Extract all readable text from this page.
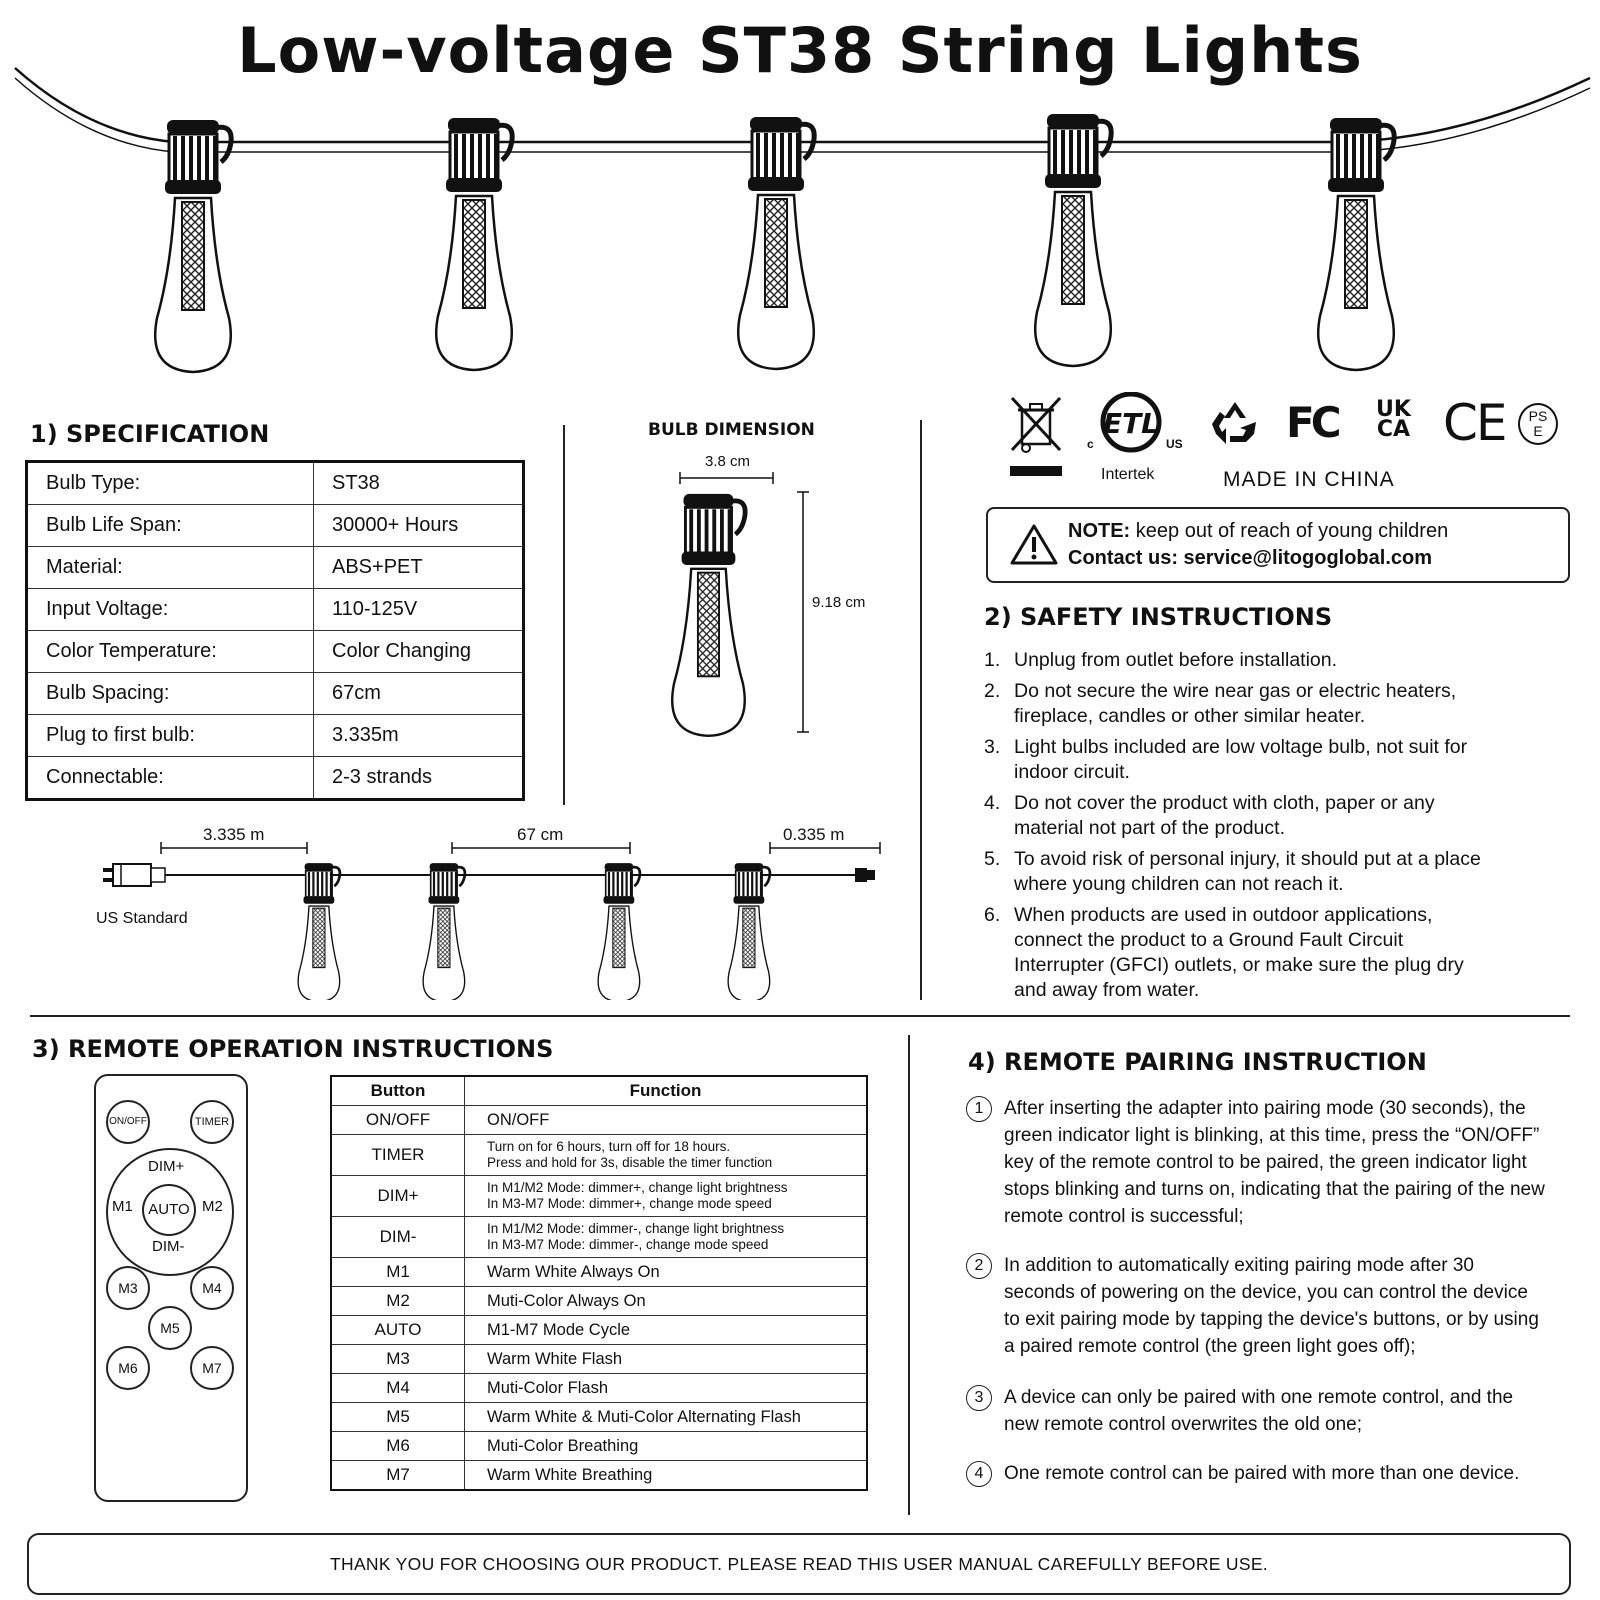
Low-voltage ST38 String Lights
1) SPECIFICATION
Bulb Type:	ST38
Bulb Life Span:	30000+ Hours
Material:	ABS+PET
Input Voltage:	110-125V
Color Temperature:	Color Changing
Bulb Spacing:	67cm
Plug to first bulb:	3.335m
Connectable:	2-3 strands
BULB DIMENSION
3.8 cm
9.18 cm
3.335 m	67 cm	0.335 m
US Standard
ETL
c	US
Intertek
FC UK
CA CE	PS
E
MADE IN CHINA
NOTE: keep out of reach of young children
Contact us: service@litogoglobal.com
2) SAFETY INSTRUCTIONS
1. Unplug from outlet before installation.
2. Do not secure the wire near gas or electric heaters, fireplace, candles or other similar heater.
3. Light bulbs included are low voltage bulb, not suit for indoor circuit.
4. Do not cover the product with cloth, paper or any material not part of the product.
5. To avoid risk of personal injury, it should put at a place where young children can not reach it.
6. When products are used in outdoor applications, connect the product to a Ground Fault Circuit Interrupter (GFCI) outlets, or make sure the plug dry and away from water.
3) REMOTE OPERATION INSTRUCTIONS
ON/OFF	TIMER
DIM+
DIM-
M1	M2
AUTO
M3	M4
M5
M6	M7
Button	Function
ON/OFF	ON/OFF

TIMER	Turn on for 6 hours, turn off for 18 hours.
Press and hold for 3s, disable the timer function

DIM+	In M1/M2 Mode: dimmer+, change light brightness
In M3-M7 Mode: dimmer+, change mode speed

DIM-	In M1/M2 Mode: dimmer-, change light brightness
In M3-M7 Mode: dimmer-, change mode speed

M1	Warm White Always On

M2	Muti-Color Always On

AUTO	M1-M7 Mode Cycle

M3	Warm White Flash

M4	Muti-Color Flash

M5	Warm White & Muti-Color Alternating Flash

M6	Muti-Color Breathing

M7	Warm White Breathing
4) REMOTE PAIRING INSTRUCTION
1	After inserting the adapter into pairing mode (30 seconds), the green indicator light is blinking, at this time, press the “ON/OFF” key of the remote control to be paired, the green indicator light stops blinking and turns on, indicating that the pairing of the new remote control is successful;
2	In addition to automatically exiting pairing mode after 30 seconds of powering on the device, you can control the device to exit pairing mode by tapping the device's buttons, or by using a paired remote control (the green light goes off);
3	A device can only be paired with one remote control, and the new remote control overwrites the old one;
4	One remote control can be paired with more than one device.
THANK YOU FOR CHOOSING OUR PRODUCT. PLEASE READ THIS USER MANUAL CAREFULLY BEFORE USE.
